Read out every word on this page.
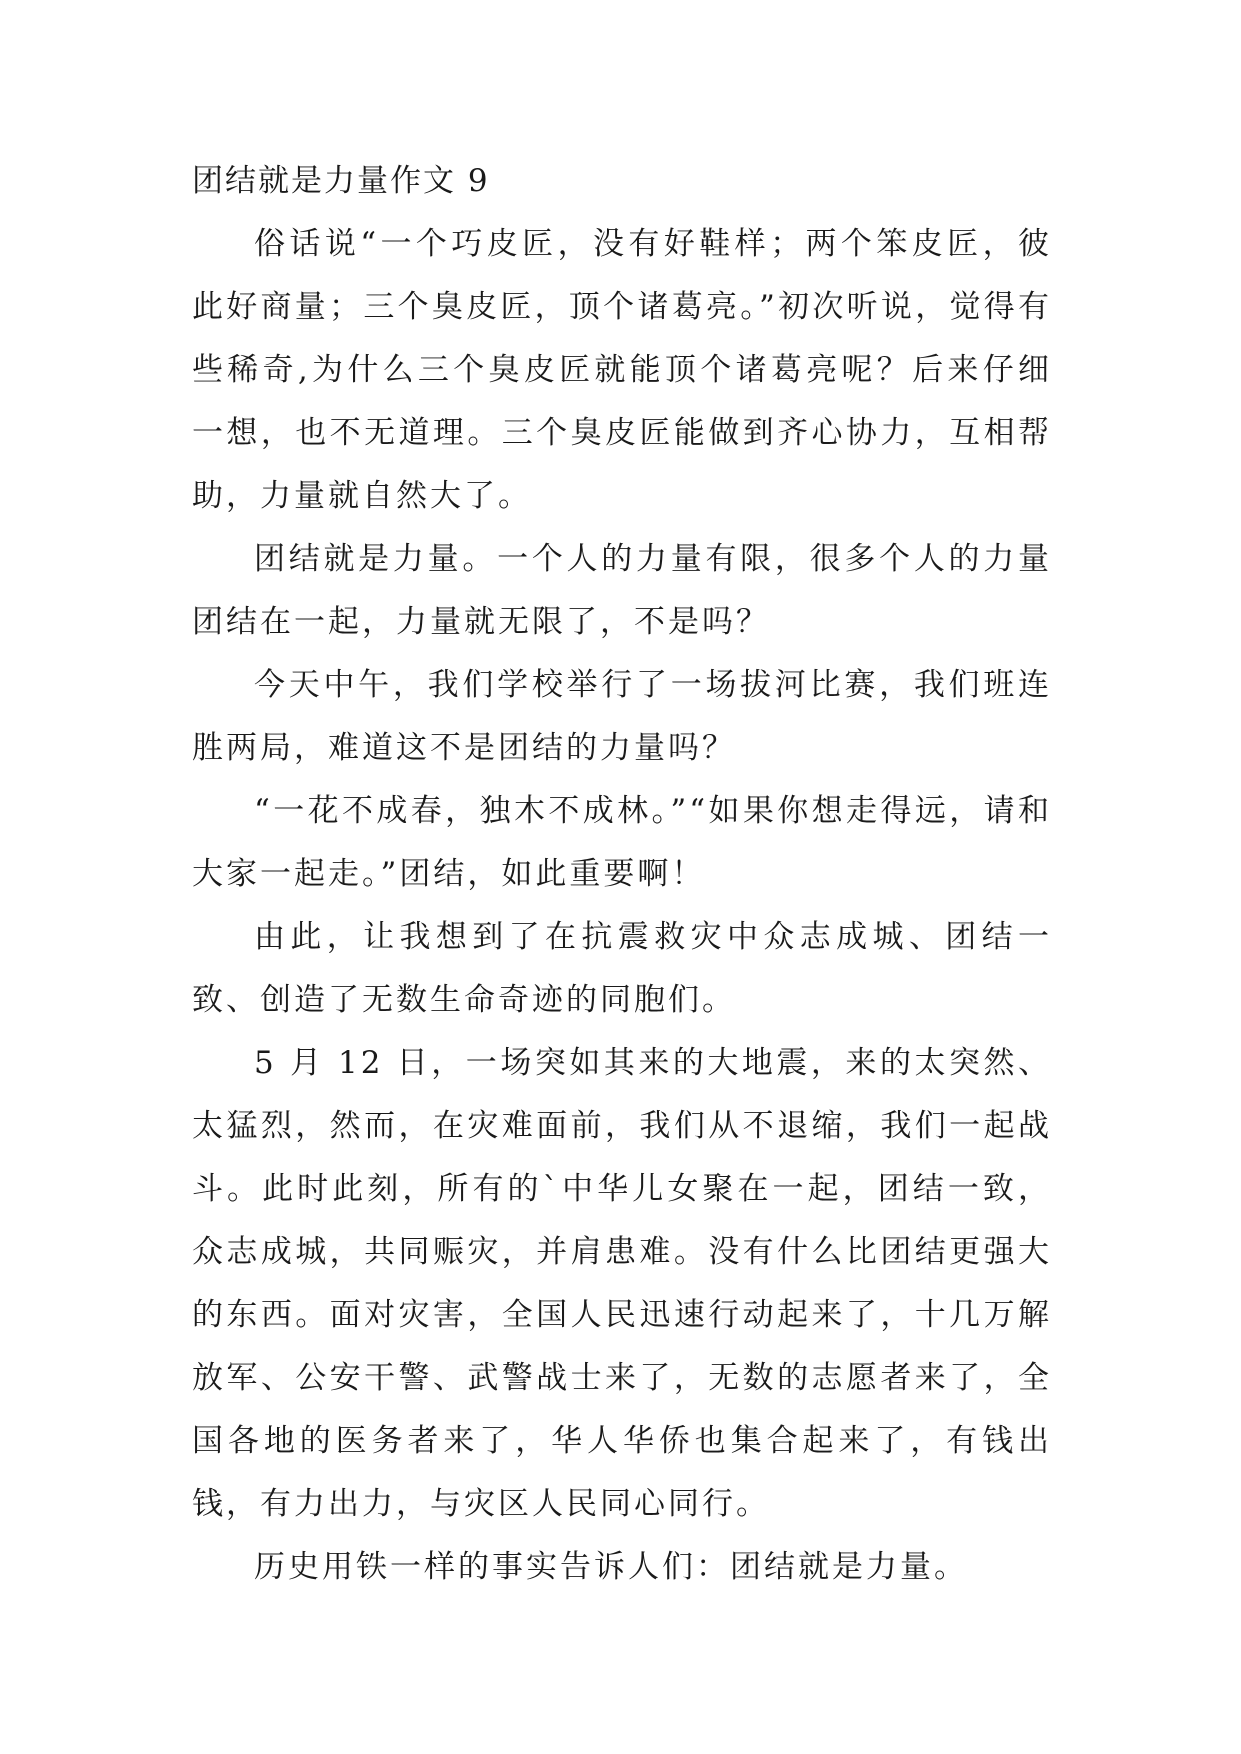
团结就是力量作文 9

俗话说“一个巧皮匠，没有好鞋样；两个笨皮匠，彼此好商量；三个臭皮匠，顶个诸葛亮。”初次听说，觉得有些稀奇,为什么三个臭皮匠就能顶个诸葛亮呢？后来仔细一想，也不无道理。三个臭皮匠能做到齐心协力，互相帮助，力量就自然大了。

团结就是力量。一个人的力量有限，很多个人的力量团结在一起，力量就无限了，不是吗？

今天中午，我们学校举行了一场拔河比赛，我们班连胜两局，难道这不是团结的力量吗？

“一花不成春，独木不成林。”“如果你想走得远，请和大家一起走。”团结，如此重要啊！

由此，让我想到了在抗震救灾中众志成城、团结一致、创造了无数生命奇迹的同胞们。

5 月 12 日，一场突如其来的大地震，来的太突然、太猛烈，然而，在灾难面前，我们从不退缩，我们一起战斗。此时此刻，所有的`中华儿女聚在一起，团结一致，众志成城，共同赈灾，并肩患难。没有什么比团结更强大的东西。面对灾害，全国人民迅速行动起来了，十几万解放军、公安干警、武警战士来了，无数的志愿者来了，全国各地的医务者来了，华人华侨也集合起来了，有钱出钱，有力出力，与灾区人民同心同行。

历史用铁一样的事实告诉人们：团结就是力量。
